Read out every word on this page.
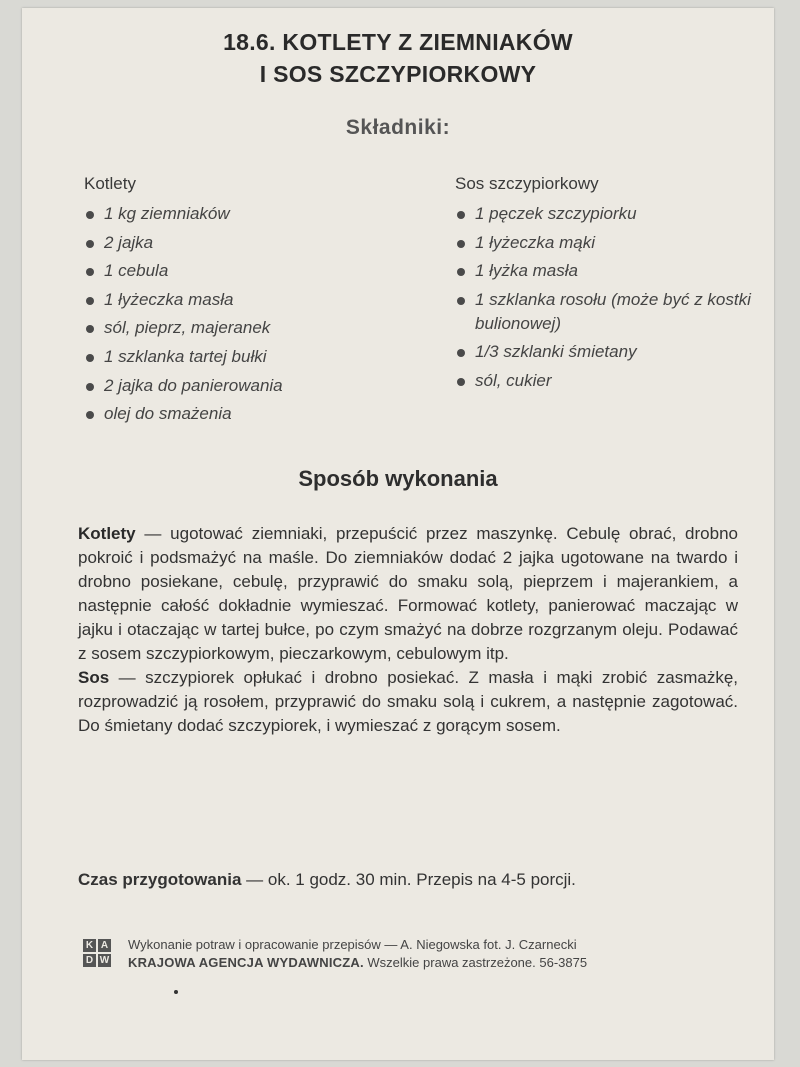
18.6. KOTLETY Z ZIEMNIAKÓW
I SOS SZCZYPIORKOWY
Składniki:
Kotlety
1 kg ziemniaków
2 jajka
1 cebula
1 łyżeczka masła
sól, pieprz, majeranek
1 szklanka tartej bułki
2 jajka do panierowania
olej do smażenia
Sos szczypiorkowy
1 pęczek szczypiorku
1 łyżeczka mąki
1 łyżka masła
1 szklanka rosołu (może być z kostki bulionowej)
1/3 szklanki śmietany
sól, cukier
Sposób wykonania

Kotlety — ugotować ziemniaki, przepuścić przez maszynkę. Cebulę obrać, drobno pokroić i podsmażyć na maśle. Do ziemniaków dodać 2 jajka ugotowane na twardo i drobno posiekane, cebulę, przyprawić do smaku solą, pieprzem i majerankiem, a następnie całość dokładnie wymieszać. Formować kotlety, panierować maczając w jajku i otaczając w tartej bułce, po czym smażyć na dobrze rozgrzanym oleju. Podawać z sosem szczypiorkowym, pieczarkowym, cebulowym itp.

Sos — szczypiorek opłukać i drobno posiekać. Z masła i mąki zrobić zasmażkę, rozprowadzić ją rosołem, przyprawić do smaku solą i cukrem, a następnie zagotować. Do śmietany dodać szczypiorek, i wymieszać z gorącym sosem.

Czas przygotowania — ok. 1 godz. 30 min. Przepis na 4-5 porcji.
K A
D W
Wykonanie potraw i opracowanie przepisów — A. Niegowska fot. J. Czarnecki
KRAJOWA AGENCJA WYDAWNICZA. Wszelkie prawa zastrzeżone. 56-3875
